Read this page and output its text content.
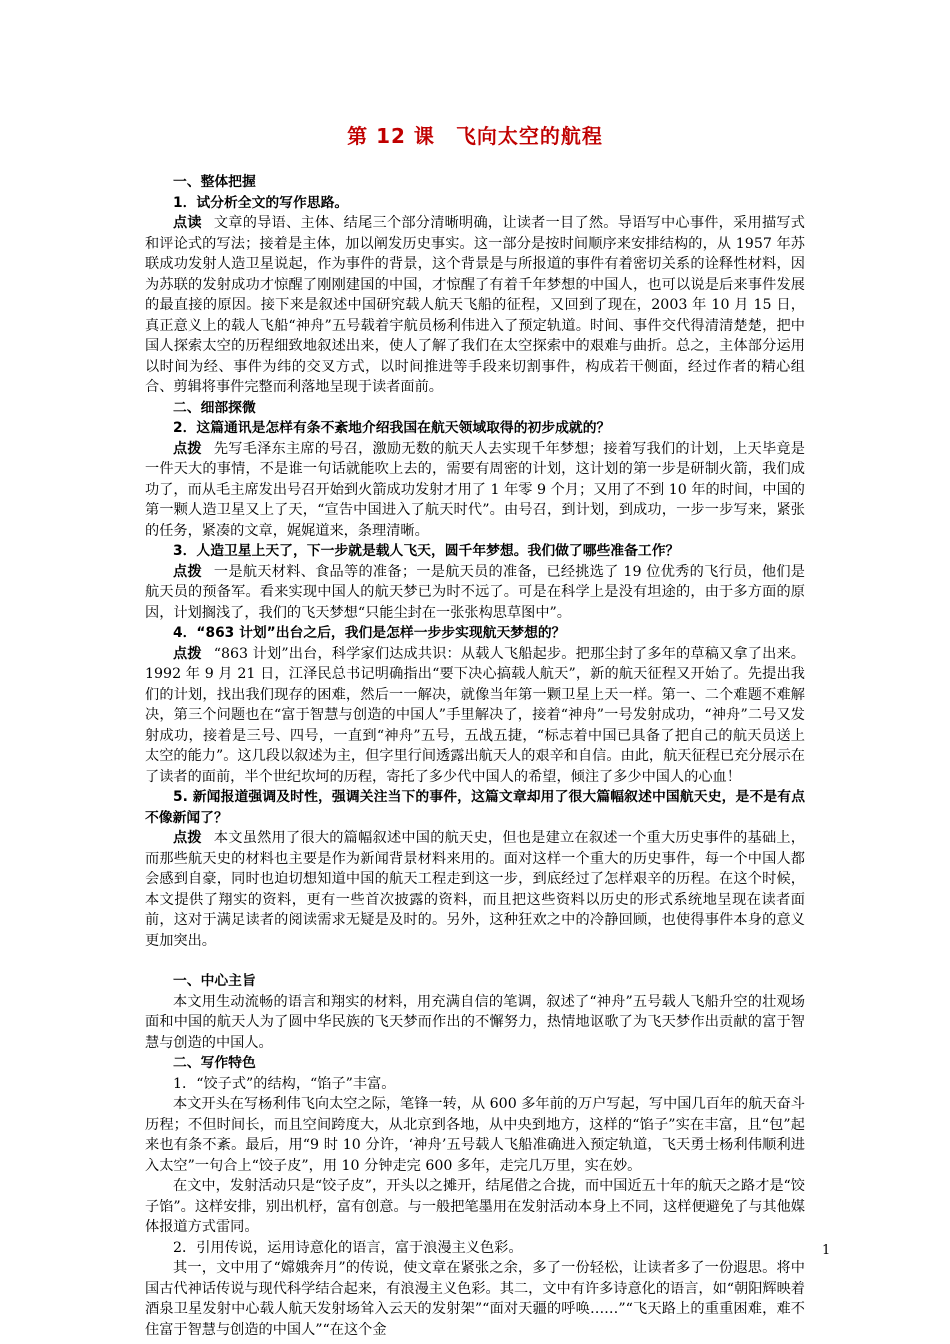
第 12 课　飞向太空的航程

一、整体把握

1．试分析全文的写作思路。

点读 文章的导语、主体、结尾三个部分清晰明确，让读者一目了然。导语写中心事件，采用描写式和评论式的写法；接着是主体，加以阐发历史事实。这一部分是按时间顺序来安排结构的，从 1957 年苏联成功发射人造卫星说起，作为事件的背景，这个背景是与所报道的事件有着密切关系的诠释性材料，因为苏联的发射成功才惊醒了刚刚建国的中国，才惊醒了有着千年梦想的中国人，也可以说是后来事件发展的最直接的原因。接下来是叙述中国研究载人航天飞船的征程，又回到了现在，2003 年 10 月 15 日，真正意义上的载人飞船“神舟”五号载着宇航员杨利伟进入了预定轨道。时间、事件交代得清清楚楚，把中国人探索太空的历程细致地叙述出来，使人了解了我们在太空探索中的艰难与曲折。总之，主体部分运用以时间为经、事件为纬的交叉方式，以时间推进等手段来切割事件，构成若干侧面，经过作者的精心组合、剪辑将事件完整而利落地呈现于读者面前。

二、细部探微

2．这篇通讯是怎样有条不紊地介绍我国在航天领域取得的初步成就的？

点拨 先写毛泽东主席的号召，激励无数的航天人去实现千年梦想；接着写我们的计划，上天毕竟是一件天大的事情，不是谁一句话就能吹上去的，需要有周密的计划，这计划的第一步是研制火箭，我们成功了，而从毛主席发出号召开始到火箭成功发射才用了 1 年零 9 个月；又用了不到 10 年的时间，中国的第一颗人造卫星又上了天，“宣告中国进入了航天时代”。由号召，到计划，到成功，一步一步写来，紧张的任务，紧凑的文章，娓娓道来，条理清晰。

3．人造卫星上天了，下一步就是载人飞天，圆千年梦想。我们做了哪些准备工作？

点拨 一是航天材料、食品等的准备；一是航天员的准备，已经挑选了 19 位优秀的飞行员，他们是航天员的预备军。看来实现中国人的航天梦已为时不远了。可是在科学上是没有坦途的，由于多方面的原因，计划搁浅了，我们的飞天梦想“只能尘封在一张张构思草图中”。

4．“863 计划”出台之后，我们是怎样一步步实现航天梦想的？

点拨 “863 计划”出台，科学家们达成共识：从载人飞船起步。把那尘封了多年的草稿又拿了出来。1992 年 9 月 21 日，江泽民总书记明确指出“要下决心搞载人航天”，新的航天征程又开始了。先提出我们的计划，找出我们现存的困难，然后一一解决，就像当年第一颗卫星上天一样。第一、二个难题不难解决，第三个问题也在“富于智慧与创造的中国人”手里解决了，接着“神舟”一号发射成功，“神舟”二号又发射成功，接着是三号、四号，一直到“神舟”五号，五战五捷，“标志着中国已具备了把自己的航天员送上太空的能力”。这几段以叙述为主，但字里行间透露出航天人的艰辛和自信。由此，航天征程已充分展示在了读者的面前，半个世纪坎坷的历程，寄托了多少代中国人的希望，倾注了多少中国人的心血！

5. 新闻报道强调及时性，强调关注当下的事件，这篇文章却用了很大篇幅叙述中国航天史，是不是有点不像新闻了？

点拨 本文虽然用了很大的篇幅叙述中国的航天史，但也是建立在叙述一个重大历史事件的基础上，而那些航天史的材料也主要是作为新闻背景材料来用的。面对这样一个重大的历史事件，每一个中国人都会感到自豪，同时也迫切想知道中国的航天工程走到这一步，到底经过了怎样艰辛的历程。在这个时候，本文提供了翔实的资料，更有一些首次披露的资料，而且把这些资料以历史的形式系统地呈现在读者面前，这对于满足读者的阅读需求无疑是及时的。另外，这种狂欢之中的冷静回顾，也使得事件本身的意义更加突出。

一、中心主旨

本文用生动流畅的语言和翔实的材料，用充满自信的笔调，叙述了“神舟”五号载人飞船升空的壮观场面和中国的航天人为了圆中华民族的飞天梦而作出的不懈努力，热情地讴歌了为飞天梦作出贡献的富于智慧与创造的中国人。

二、写作特色

1．“饺子式”的结构，“馅子”丰富。

本文开头在写杨利伟飞向太空之际，笔锋一转，从 600 多年前的万户写起，写中国几百年的航天奋斗历程；不但时间长，而且空间跨度大，从北京到各地，从中央到地方，这样的“馅子”实在丰富，且“包”起来也有条不紊。最后，用“9 时 10 分许，‘神舟’五号载人飞船准确进入预定轨道，飞天勇士杨利伟顺利进入太空”一句合上“饺子皮”，用 10 分钟走完 600 多年，走完几万里，实在妙。

在文中，发射活动只是“饺子皮”，开头以之摊开，结尾借之合拢，而中国近五十年的航天之路才是“饺子馅”。这样安排，别出机杼，富有创意。与一般把笔墨用在发射活动本身上不同，这样便避免了与其他媒体报道方式雷同。

2．引用传说，运用诗意化的语言，富于浪漫主义色彩。

其一，文中用了“嫦娥奔月”的传说，使文章在紧张之余，多了一份轻松，让读者多了一份遐思。将中国古代神话传说与现代科学结合起来，有浪漫主义色彩。其二，文中有许多诗意化的语言，如“朝阳辉映着酒泉卫星发射中心载人航天发射场耸入云天的发射架”“面对天疆的呼唤……”“飞天路上的重重困难，难不住富于智慧与创造的中国人”“在这个金

1
